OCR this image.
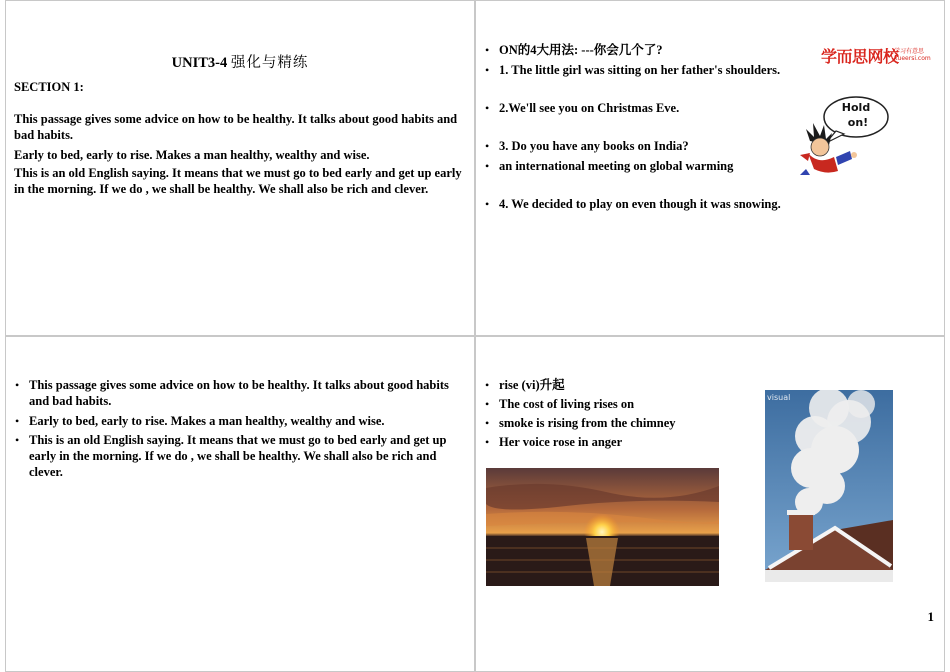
UNIT3-4 强化与精练
SECTION 1:
This passage gives some advice on how to be healthy. It talks about good habits and bad habits.
Early to bed, early to rise. Makes a man healthy, wealthy and wise.
This is an old English saying. It means that we must go to bed early and get up early in the morning. If we do , we shall be healthy. We shall also be rich and clever.
• ON的4大用法: ---你会几个了?
• 1. The little girl was sitting on her father's shoulders.
• 2.We'll see you on Christmas Eve.
• 3. Do you have any books on India?
• an international meeting on global warming
• 4. We decided to play on even though it was snowing.
学而思网校
学习有意思
xueersi.com
Hold
on!
• This passage gives some advice on how to be healthy. It talks about good habits and bad habits.
• Early to bed, early to rise. Makes a man healthy, wealthy and wise.
• This is an old English saying. It means that we must go to bed early and get up early in the morning. If we do , we shall be healthy. We shall also be rich and clever.
• rise (vi)升起
• The cost of living rises on
• smoke is rising from the chimney
• Her voice rose in anger
visual
1
